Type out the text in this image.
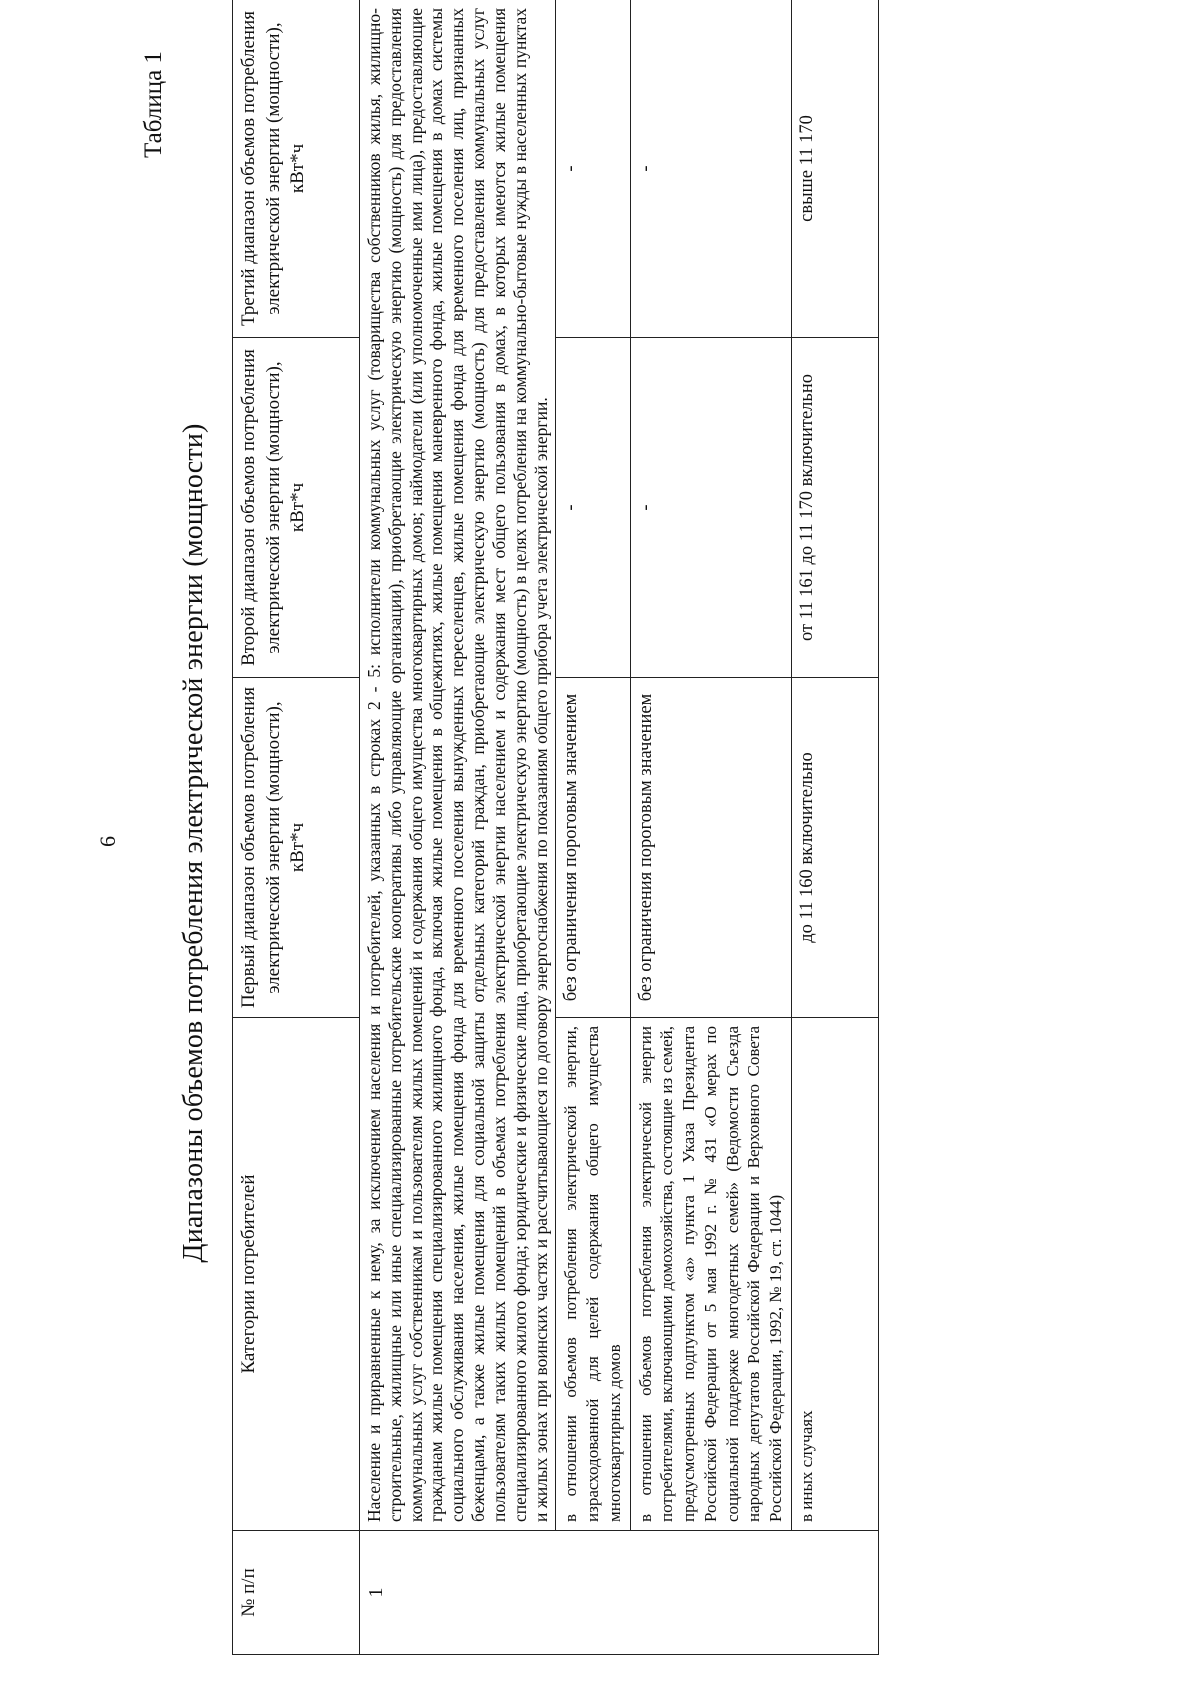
6
Таблица 1
Диапазоны объемов потребления электрической энергии (мощности)
№ п/п	Категории потребителей	Первый диапазон объемов потребления электрической энергии (мощности), кВт*ч	Второй диапазон объемов потребления электрической энергии (мощности), кВт*ч	Третий диапазон объемов потребления электрической энергии (мощности), кВт*ч
1	Население и приравненные к нему, за исключением населения и потребителей, указанных в строках 2 - 5: исполнители коммунальных услуг (товарищества собственников жилья, жилищно-строительные, жилищные или иные специализированные потребительские кооперативы либо управляющие организации), приобретающие электрическую энергию (мощность) для предоставления коммунальных услуг собственникам и пользователям жилых помещений и содержания общего имущества многоквартирных домов; наймодатели (или уполномоченные ими лица), предоставляющие гражданам жилые помещения специализированного жилищного фонда, включая жилые помещения в общежитиях, жилые помещения маневренного фонда, жилые помещения в домах системы социального обслуживания населения, жилые помещения фонда для временного поселения вынужденных переселенцев, жилые помещения фонда для временного поселения лиц, признанных беженцами, а также жилые помещения для социальной защиты отдельных категорий граждан, приобретающие электрическую энергию (мощность) для предоставления коммунальных услуг пользователям таких жилых помещений в объемах потребления электрической энергии населением и содержания мест общего пользования в домах, в которых имеются жилые помещения специализированного жилого фонда; юридические и физические лица, приобретающие электрическую энергию (мощность) в целях потребления на коммунально-бытовые нужды в населенных пунктах и жилых зонах при воинских частях и рассчитывающиеся по договору энергоснабжения по показаниям общего прибора учета электрической энергии.			
	в отношении объемов потребления электрической энергии, израсходованной для целей содержания общего имущества многоквартирных домов	без ограничения пороговым значением	-	-
	в отношении объемов потребления электрической энергии потребителями, включающими домохозяйства, состоящие из семей, предусмотренных подпунктом «а» пункта 1 Указа Президента Российской Федерации от 5 мая 1992 г. № 431 «О мерах по социальной поддержке многодетных семей» (Ведомости Съезда народных депутатов Российской Федерации и Верховного Совета Российской Федерации, 1992, № 19, ст. 1044)	без ограничения пороговым значением	-	-
	в иных случаях	до 11 160 включительно	от 11 161 до 11 170 включительно	свыше 11 170
